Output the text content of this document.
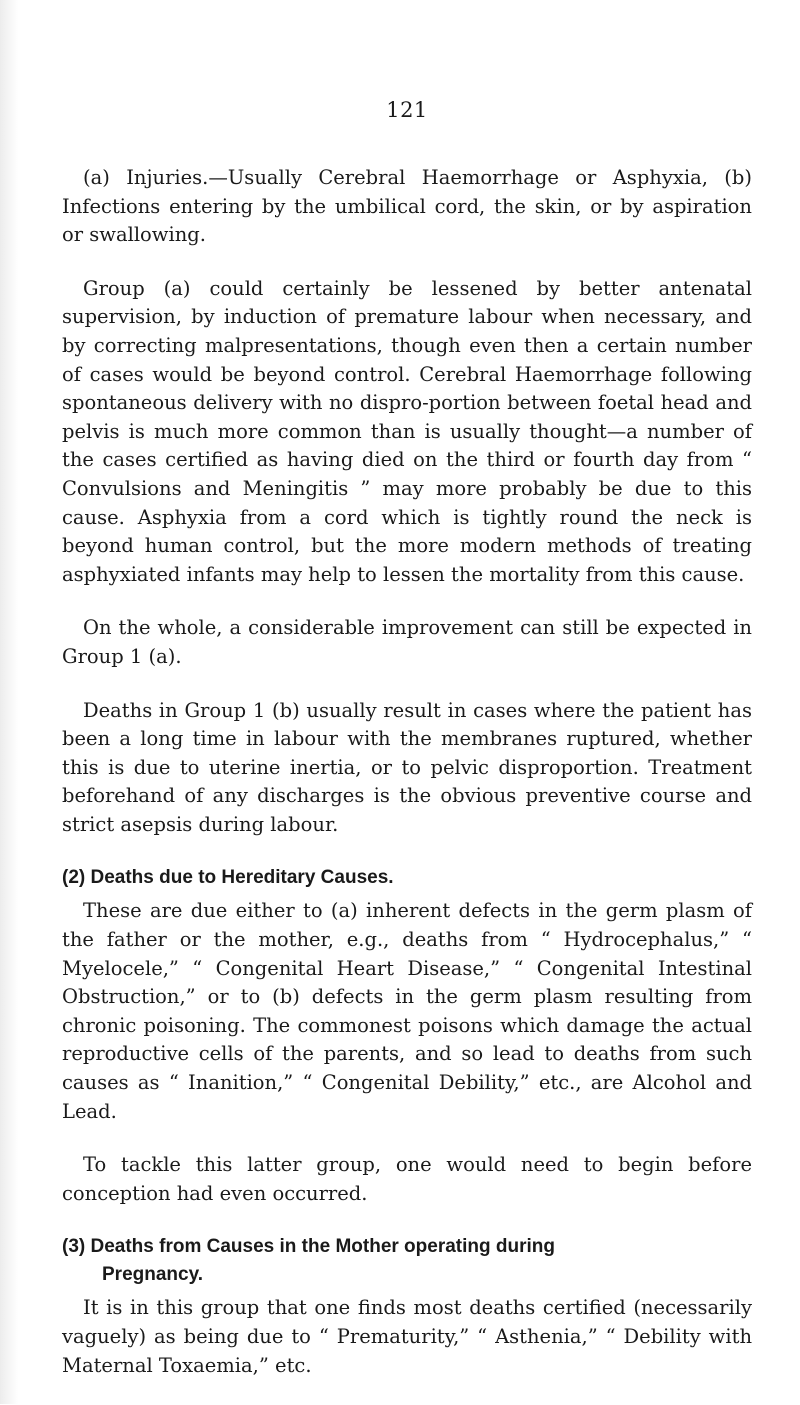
121

(a) Injuries.—Usually Cerebral Haemorrhage or Asphyxia, (b) Infections entering by the umbilical cord, the skin, or by aspiration or swallowing.

Group (a) could certainly be lessened by better antenatal supervision, by induction of premature labour when necessary, and by correcting malpresentations, though even then a certain number of cases would be beyond control. Cerebral Haemorrhage following spontaneous delivery with no dispro-portion between foetal head and pelvis is much more common than is usually thought—a number of the cases certified as having died on the third or fourth day from “ Convulsions and Meningitis ” may more probably be due to this cause. Asphyxia from a cord which is tightly round the neck is beyond human control, but the more modern methods of treating asphyxiated infants may help to lessen the mortality from this cause.

On the whole, a considerable improvement can still be expected in Group 1 (a).

Deaths in Group 1 (b) usually result in cases where the patient has been a long time in labour with the membranes ruptured, whether this is due to uterine inertia, or to pelvic disproportion. Treatment beforehand of any discharges is the obvious preventive course and strict asepsis during labour.

(2) Deaths due to Hereditary Causes.

These are due either to (a) inherent defects in the germ plasm of the father or the mother, e.g., deaths from “ Hydrocephalus,” “ Myelocele,” “ Congenital Heart Disease,” “ Congenital Intestinal Obstruction,” or to (b) defects in the germ plasm resulting from chronic poisoning. The commonest poisons which damage the actual reproductive cells of the parents, and so lead to deaths from such causes as “ Inanition,” “ Congenital Debility,” etc., are Alcohol and Lead.

To tackle this latter group, one would need to begin before conception had even occurred.

(3) Deaths from Causes in the Mother operating during
Pregnancy.

It is in this group that one finds most deaths certified (necessarily vaguely) as being due to “ Prematurity,” “ Asthenia,” “ Debility with Maternal Toxaemia,” etc.
